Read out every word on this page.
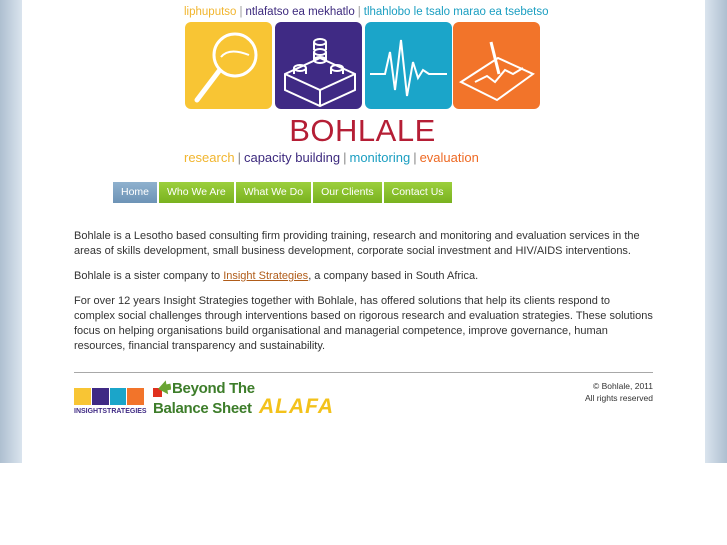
liphuputso | ntlafatso ea mekhatlo | tlhahlobo le tsalo marao ea tsebetso
BOHLALE
research | capacity building | monitoring | evaluation
Home	Who We Are	What We Do	Our Clients	Contact Us

Bohlale is a Lesotho based consulting firm providing training, research and monitoring and evaluation services in the areas of skills development, small business development, corporate social investment and HIV/AIDS interventions.

Bohlale is a sister company to Insight Strategies, a company based in South Africa.

For over 12 years Insight Strategies together with Bohlale, has offered solutions that help its clients respond to complex social challenges through interventions based on rigorous research and evaluation strategies. These solutions focus on helping organisations build organisational and managerial competence, improve governance, human resources, financial transparency and sustainability.

INSIGHTSTRATEGIES
Beyond The
Balance Sheet ALAFA
© Bohlale, 2011
All rights reserved
